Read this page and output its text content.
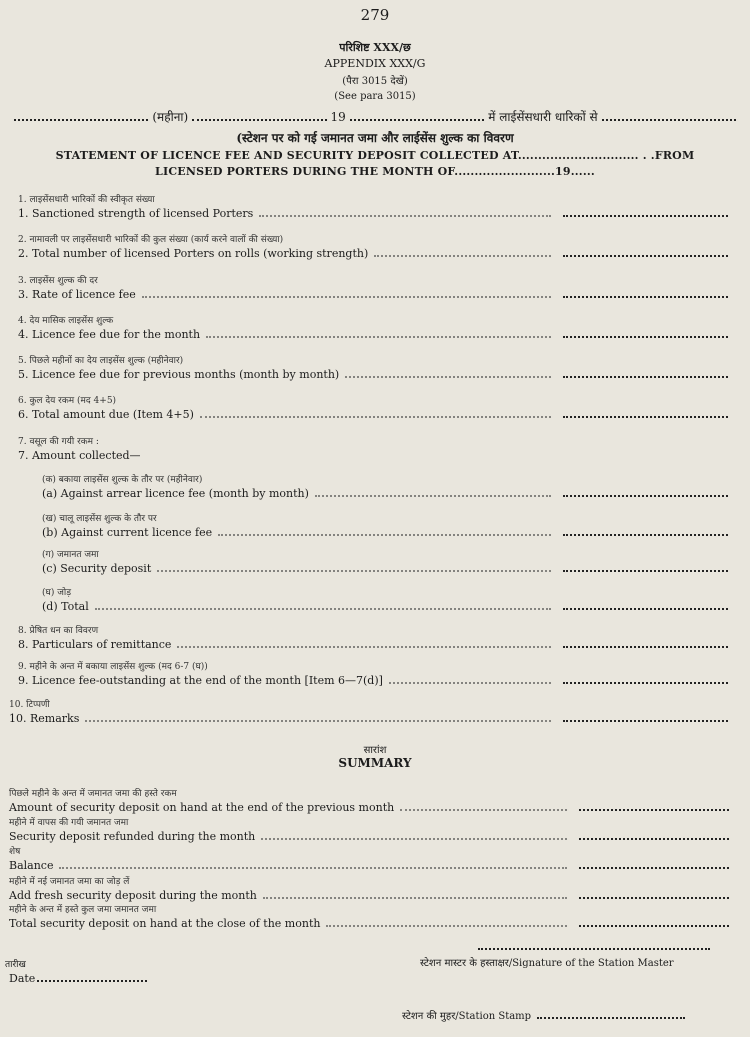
279
परिशिष्ट XXX/छ
APPENDIX XXX/G
(पैरा 3015 देखें)
(See para 3015)
(महीना)	19	में लाईसेंसधारी धारिकों से
(स्टेशन पर को गई जमानत जमा और लाईसेंस शुल्क का विवरण
STATEMENT OF LICENCE FEE AND SECURITY DEPOSIT COLLECTED AT.............................. . .FROM
LICENSED PORTERS DURING THE MONTH OF.........................19......
1. लाइसेंसधारी भारिकों की स्वीकृत संख्या
1. Sanctioned strength of licensed Porters
2. नामावली पर लाइसेंसधारी भारिकों की कुल संख्या (कार्य करने वालों की संख्या)
2. Total number of licensed Porters on rolls (working strength)
3. लाइसेंस शुल्क की दर
3. Rate of licence fee
4. देय मासिक लाइसेंस शुल्क
4. Licence fee due for the month
5. पिछले महीनों का देय लाइसेंस शुल्क (महीनेवार)
5. Licence fee due for previous months (month by month)
6. कुल देय रकम (मद 4+5)
6. Total amount due (Item 4+5)
7. वसूल की गयी रकम :
7. Amount collected—
(क) बकाया लाइसेंस शुल्क के तौर पर (महीनेवार)
(a) Against arrear licence fee (month by month)
(ख) चालू लाइसेंस शुल्क के तौर पर
(b) Against current licence fee
(ग) जमानत जमा
(c) Security deposit
(घ) जोड़
(d) Total
8. प्रेषित धन का विवरण
8. Particulars of remittance
9. महीने के अन्त में बकाया लाइसेंस शुल्क (मद 6-7 (घ))
9. Licence fee-outstanding at the end of the month [Item 6—7(d)]
10. टिप्पणी
10. Remarks
सारांश
SUMMARY
पिछले महीने के अन्त में जमानत जमा की हस्ते रकम
Amount of security deposit on hand at the end of the previous month
महीने में वापस की गयी जमानत जमा
Security deposit refunded during the month
शेष
Balance
महीने में नई जमानत जमा का जोड़ लें
Add fresh security deposit during the month
महीने के अन्त में हस्ते कुल जमा जमानत जमा
Total security deposit on hand at the close of the month
स्टेशन मास्टर के हस्ताक्षर/Signature of the Station Master
तारीख
Date
स्टेशन की मुहर/Station Stamp
